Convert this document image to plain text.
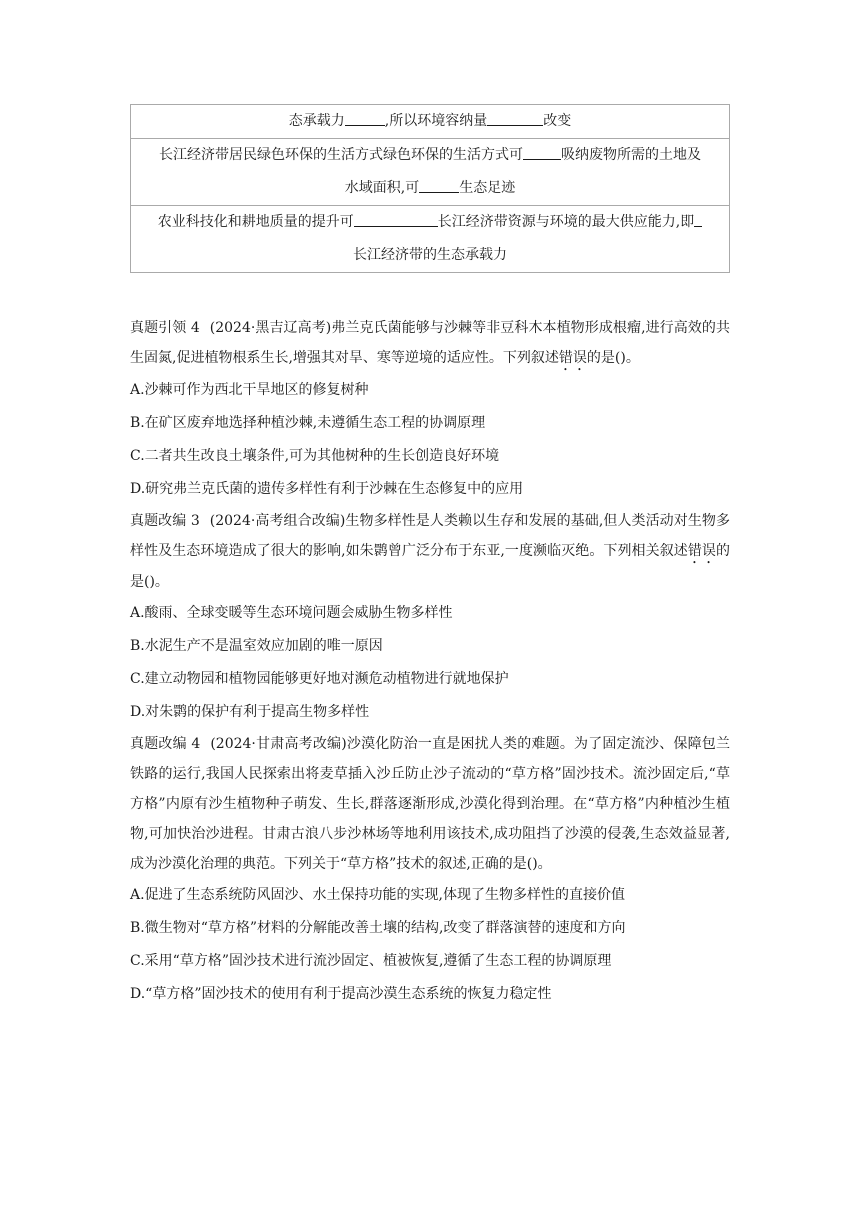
态承载力	,所以环境容纳量	改变
长江经济带居民绿色环保的生活方式绿色环保的生活方式可	吸纳废物所需的土地及
水域面积,可	生态足迹
农业科技化和耕地质量的提升可	长江经济带资源与环境的最大供应能力,即
长江经济带的生态承载力

真题引领 4 (2024·黑吉辽高考)弗兰克氏菌能够与沙棘等非豆科木本植物形成根瘤,进行高效的共生固氮,促进植物根系生长,增强其对旱、寒等逆境的适应性。下列叙述错误的是()。

A.沙棘可作为西北干旱地区的修复树种

B.在矿区废弃地选择种植沙棘,未遵循生态工程的协调原理

C.二者共生改良土壤条件,可为其他树种的生长创造良好环境

D.研究弗兰克氏菌的遗传多样性有利于沙棘在生态修复中的应用

真题改编 3 (2024·高考组合改编)生物多样性是人类赖以生存和发展的基础,但人类活动对生物多样性及生态环境造成了很大的影响,如朱鹮曾广泛分布于东亚,一度濒临灭绝。下列相关叙述错误的是()。

A.酸雨、全球变暖等生态环境问题会威胁生物多样性

B.水泥生产不是温室效应加剧的唯一原因

C.建立动物园和植物园能够更好地对濒危动植物进行就地保护

D.对朱鹮的保护有利于提高生物多样性

真题改编 4 (2024·甘肃高考改编)沙漠化防治一直是困扰人类的难题。为了固定流沙、保障包兰铁路的运行,我国人民探索出将麦草插入沙丘防止沙子流动的“草方格”固沙技术。流沙固定后,“草方格”内原有沙生植物种子萌发、生长,群落逐渐形成,沙漠化得到治理。在“草方格”内种植沙生植物,可加快治沙进程。甘肃古浪八步沙林场等地利用该技术,成功阻挡了沙漠的侵袭,生态效益显著,成为沙漠化治理的典范。下列关于“草方格”技术的叙述,正确的是()。

A.促进了生态系统防风固沙、水土保持功能的实现,体现了生物多样性的直接价值

B.微生物对“草方格”材料的分解能改善土壤的结构,改变了群落演替的速度和方向

C.采用“草方格”固沙技术进行流沙固定、植被恢复,遵循了生态工程的协调原理

D.“草方格”固沙技术的使用有利于提高沙漠生态系统的恢复力稳定性
